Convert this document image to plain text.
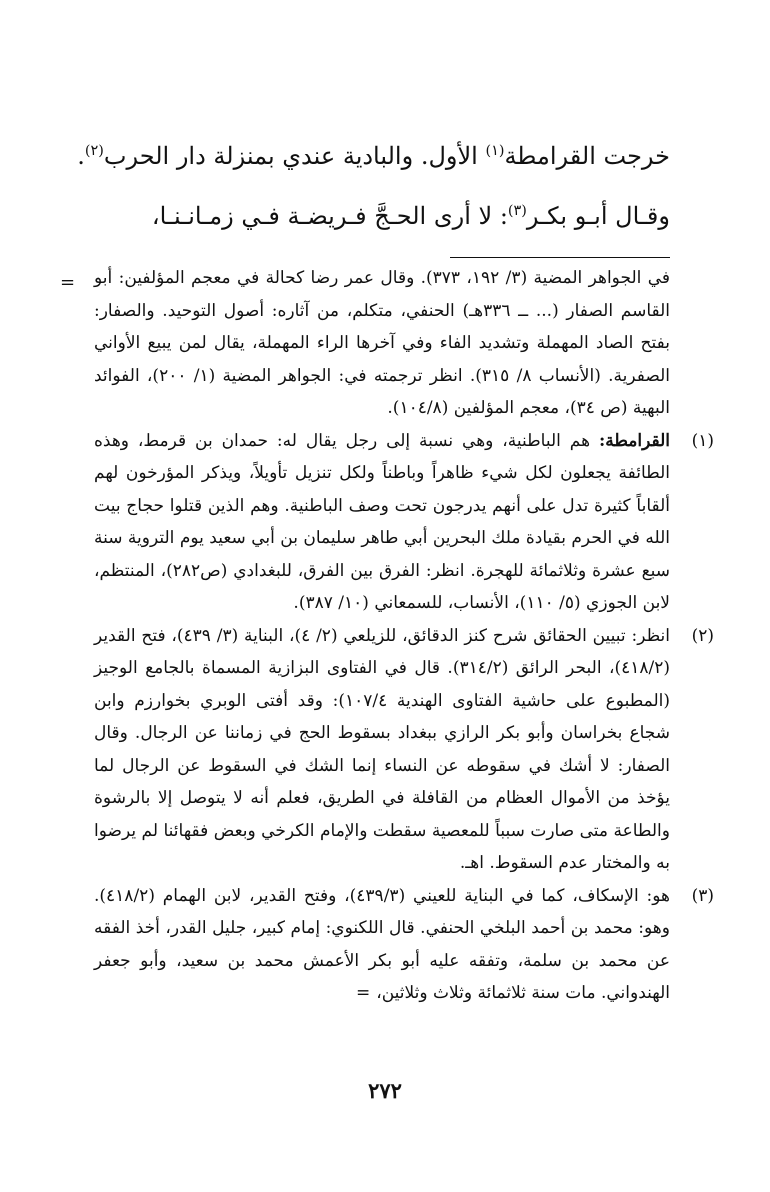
خرجت القرامطة$^{(١)}$ الأول. والبادية عندي بمنزلة دار الحرب$^{(٢)}$.
وقـال أبـو بكـر$^{(٣)}$: لا أرى الحـجَّ فـريضـة فـي زمـانـنـا،
= في الجواهر المضية (٣/ ١٩٢، ٣٧٣). وقال عمر رضا كحالة في معجم المؤلفين: أبو القاسم الصفار (... ــ ٣٣٦هـ) الحنفي، متكلم، من آثاره: أصول التوحيد. والصفار: بفتح الصاد المهملة وتشديد الفاء وفي آخرها الراء المهملة، يقال لمن يبيع الأواني الصفرية. (الأنساب ٨/ ٣١٥). انظر ترجمته في: الجواهر المضية (١/ ٢٠٠)، الفوائد البهية (ص ٣٤)، معجم المؤلفين (١٠٤/٨).
(١)
القرامطة: هم الباطنية، وهي نسبة إلى رجل يقال له: حمدان بن قرمط، وهذه الطائفة يجعلون لكل شيء ظاهراً وباطناً ولكل تنزيل تأويلاً، ويذكر المؤرخون لهم ألقاباً كثيرة تدل على أنهم يدرجون تحت وصف الباطنية. وهم الذين قتلوا حجاج بيت الله في الحرم بقيادة ملك البحرين أبي طاهر سليمان بن أبي سعيد يوم التروية سنة سبع عشرة وثلاثمائة للهجرة. انظر: الفرق بين الفرق، للبغدادي (ص٢٨٢)، المنتظم، لابن الجوزي (٥/ ١١٠)، الأنساب، للسمعاني (١٠/ ٣٨٧).
(٢)
انظر: تبيين الحقائق شرح كنز الدقائق، للزيلعي (٢/ ٤)، البناية (٣/ ٤٣٩)، فتح القدير (٤١٨/٢)، البحر الرائق (٣١٤/٢). قال في الفتاوى البزازية المسماة بالجامع الوجيز (المطبوع على حاشية الفتاوى الهندية ١٠٧/٤): وقد أفتى الوبري بخوارزم وابن شجاع بخراسان وأبو بكر الرازي ببغداد بسقوط الحج في زماننا عن الرجال. وقال الصفار: لا أشك في سقوطه عن النساء إنما الشك في السقوط عن الرجال لما يؤخذ من الأموال العظام من القافلة في الطريق، فعلم أنه لا يتوصل إلا بالرشوة والطاعة متى صارت سبباً للمعصية سقطت والإمام الكرخي وبعض فقهائنا لم يرضوا به والمختار عدم السقوط. اهـ.
(٣)
هو: الإسكاف، كما في البناية للعيني (٤٣٩/٣)، وفتح القدير، لابن الهمام (٤١٨/٢). وهو: محمد بن أحمد البلخي الحنفي. قال اللكنوي: إمام كبير، جليل القدر، أخذ الفقه عن محمد بن سلمة، وتفقه عليه أبو بكر الأعمش محمد بن سعيد، وأبو جعفر الهندواني. مات سنة ثلاثمائة وثلاث وثلاثين،=
٢٧٢
